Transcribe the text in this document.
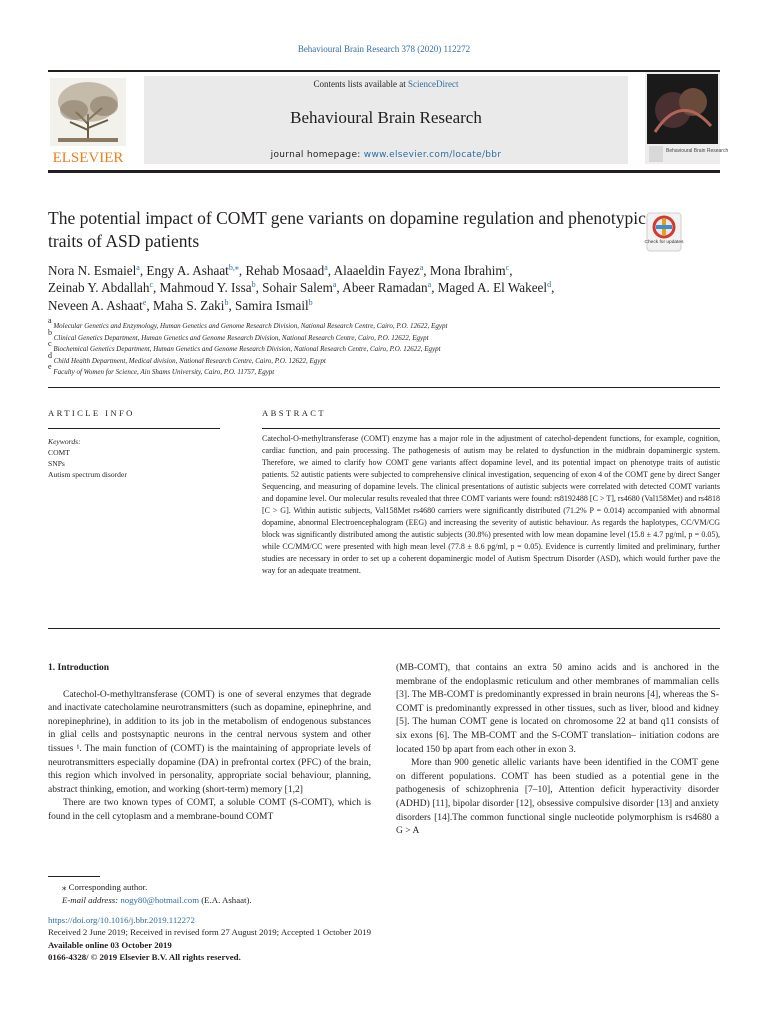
Behavioural Brain Research 378 (2020) 112272
ELSEVIER
Contents lists available at ScienceDirect
Behavioural Brain Research
journal homepage: www.elsevier.com/locate/bbr	Behavioural Brain Research
The potential impact of COMT gene variants on dopamine regulation and phenotypic traits of ASD patients	Check for updates
Nora N. Esmaiel$^a$, Engy A. Ashaat$^{b,⁎}$, Rehab Mosaad$^a$, Alaaeldin Fayez$^a$, Mona Ibrahim$^c$,
Zeinab Y. Abdallah$^c$, Mahmoud Y. Issa$^b$, Sohair Salem$^a$, Abeer Ramadan$^a$, Maged A. El Wakeel$^d$,
Neveen A. Ashaat$^e$, Maha S. Zaki$^b$, Samira Ismail$^b$
$^a$ Molecular Genetics and Enzymology, Human Genetics and Genome Research Division, National Research Centre, Cairo, P.O. 12622, Egypt
$^b$ Clinical Genetics Department, Human Genetics and Genome Research Division, National Research Centre, Cairo, P.O. 12622, Egypt
$^c$ Biochemical Genetics Department, Human Genetics and Genome Research Division, National Research Centre, Cairo, P.O. 12622, Egypt
$^d$ Child Health Department, Medical division, National Research Centre, Cairo, P.O. 12622, Egypt
$^e$ Faculty of Women for Science, Ain Shams University, Cairo, P.O. 11757, Egypt
ARTICLE INFO	ABSTRACT
Keywords:
COMT
SNPs
Autism spectrum disorder
Catechol-O-methyltransferase (COMT) enzyme has a major role in the adjustment of catechol-dependent functions, for example, cognition, cardiac function, and pain processing. The pathogenesis of autism may be related to dysfunction in the midbrain dopaminergic system. Therefore, we aimed to clarify how COMT gene variants affect dopamine level, and its potential impact on phenotype traits of autistic patients. 52 autistic patients were subjected to comprehensive clinical investigation, sequencing of exon 4 of the COMT gene by direct Sanger Sequencing, and measuring of dopamine levels. The clinical presentations of autistic subjects were correlated with detected COMT variants and dopamine level. Our molecular results revealed that three COMT variants were found: rs8192488 [C > T], rs4680 (Val158Met) and rs4818 [C > G]. Within autistic subjects, Val158Met rs4680 carriers were significantly distributed (71.2% P = 0.014) accompanied with abnormal dopamine, abnormal Electroencephalogram (EEG) and increasing the severity of autistic behaviour. As regards the haplotypes, CC/VM/CG block was significantly distributed among the autistic subjects (30.8%) presented with low mean dopamine level (15.8 ± 4.7 pg/ml, p = 0.05), while CC/MM/CC were presented with high mean level (77.8 ± 8.6 pg/ml, p = 0.05). Evidence is currently limited and preliminary, further studies are necessary in order to set up a coherent dopaminergic model of Autism Spectrum Disorder (ASD), which would further pave the way for an adequate treatment.
1. Introduction

Catechol-O-methyltransferase (COMT) is one of several enzymes that degrade and inactivate catecholamine neurotransmitters (such as dopamine, epinephrine, and norepinephrine), in addition to its job in the metabolism of endogenous substances in glial cells and postsynaptic neurons in the central nervous system and other tissues ¹. The main function of (COMT) is the maintaining of appropriate levels of neurotransmitters especially dopamine (DA) in prefrontal cortex (PFC) of the brain, this region which involved in personality, appropriate social behaviour, planning, abstract thinking, emotion, and working (short-term) memory [1,2]

There are two known types of COMT, a soluble COMT (S-COMT), which is found in the cell cytoplasm and a membrane-bound COMT

(MB-COMT), that contains an extra 50 amino acids and is anchored in the membrane of the endoplasmic reticulum and other membranes of mammalian cells [3]. The MB-COMT is predominantly expressed in brain neurons [4], whereas the S-COMT is predominantly expressed in other tissues, such as liver, blood and kidney [5]. The human COMT gene is located on chromosome 22 at band q11 consists of six exons [6]. The MB-COMT and the S-COMT translation– initiation codons are located 150 bp apart from each other in exon 3.

More than 900 genetic allelic variants have been identified in the COMT gene on different populations. COMT has been studied as a potential gene in the pathogenesis of schizophrenia [7–10], Attention deficit hyperactivity disorder (ADHD) [11], bipolar disorder [12], obsessive compulsive disorder [13] and anxiety disorders [14].The common functional single nucleotide polymorphism is rs4680 a G > A

⁎ Corresponding author.
E-mail address: nogy80@hotmail.com (E.A. Ashaat).
https://doi.org/10.1016/j.bbr.2019.112272
Received 2 June 2019; Received in revised form 27 August 2019; Accepted 1 October 2019
Available online 03 October 2019
0166-4328/ © 2019 Elsevier B.V. All rights reserved.
